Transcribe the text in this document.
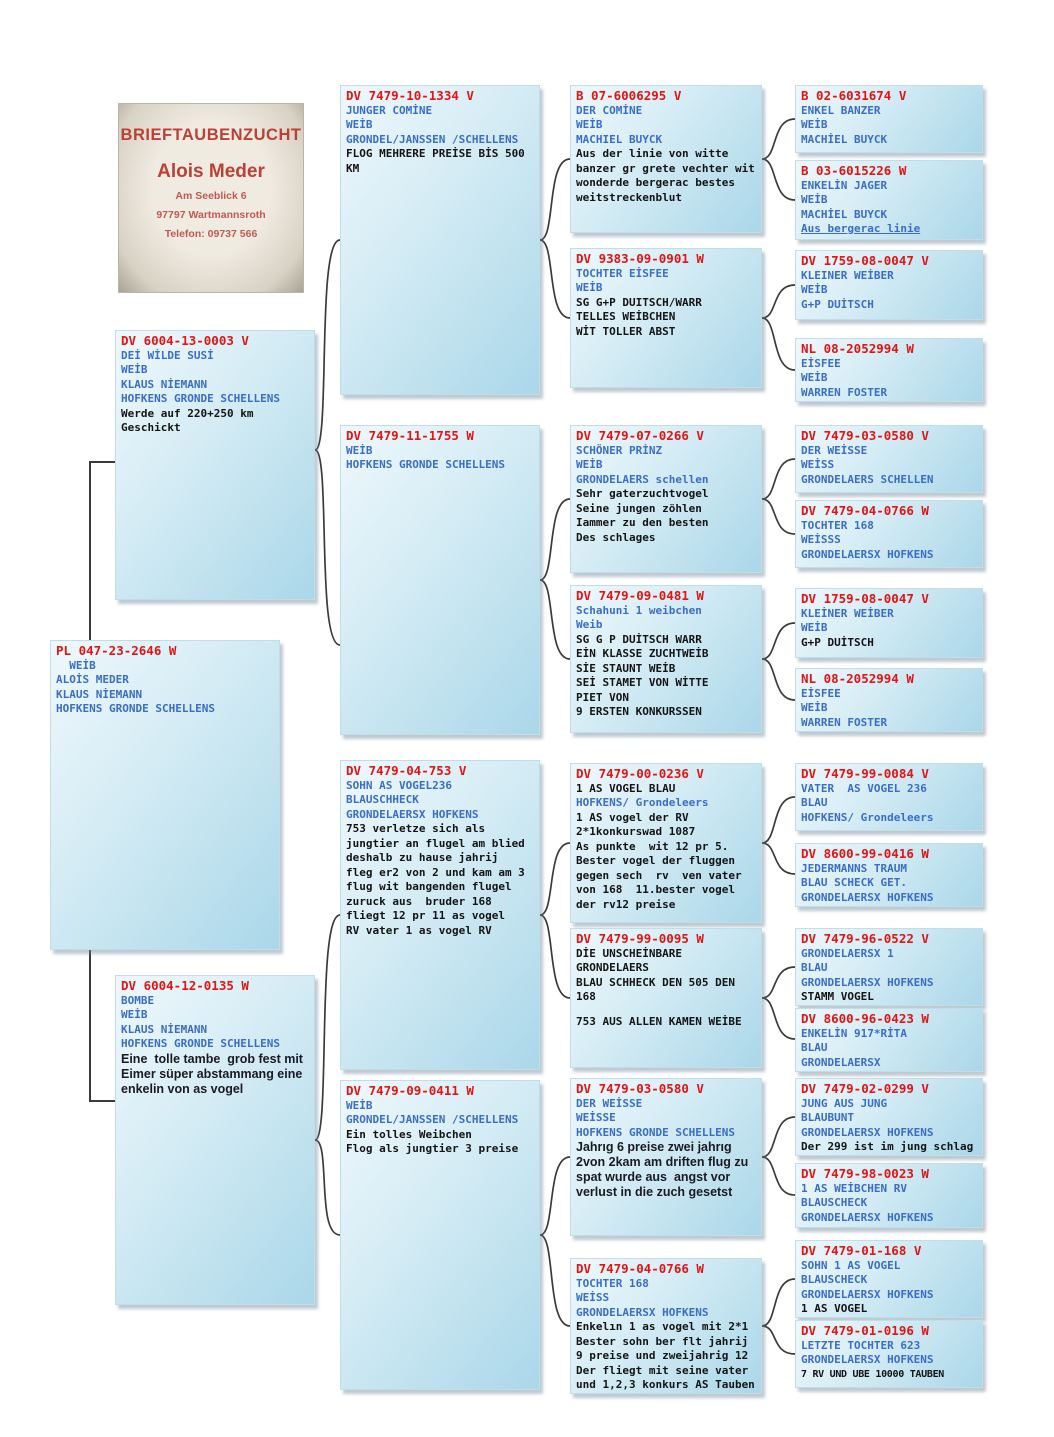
BRIEFTAUBENZUCHT
Alois Meder
Am Seeblick 6
97797 Wartmannsroth
Telefon: 09737 566
DV 6004-13-0003 V
DEİ WİLDE SUSİ
WEİB
KLAUS NİEMANN
HOFKENS GRONDE SCHELLENS
Werde auf 220+250 km
Geschickt
PL 047-23-2646 W
WEİB
ALOİS MEDER
KLAUS NİEMANN
HOFKENS GRONDE SCHELLENS
DV 6004-12-0135 W
BOMBE
WEİB
KLAUS NİEMANN
HOFKENS GRONDE SCHELLENS
Eine  tolle tambe  grob fest mit
Eimer süper abstammang eine
enkelin von as vogel
DV 7479-10-1334 V
JUNGER COMİNE
WEİB
GRONDEL/JANSSEN /SCHELLENS
FLOG MEHRERE PREİSE BİS 500
KM
DV 7479-11-1755 W
WEİB
HOFKENS GRONDE SCHELLENS
DV 7479-04-753 V
SOHN AS VOGEL236
BLAUSCHHECK
GRONDELAERSX HOFKENS
753 verletze sich als
jungtier an flugel am blied
deshalb zu hause jahrij
fleg er2 von 2 und kam am 3
flug wit bangenden flugel
zuruck aus  bruder 168
fliegt 12 pr 11 as vogel
RV vater 1 as vogel RV
DV 7479-09-0411 W
WEİB
GRONDEL/JANSSEN /SCHELLENS
Ein tolles Weibchen
Flog als jungtier 3 preise
B 07-6006295 V
DER COMİNE
WEİB
MACHIEL BUYCK
Aus der linie von witte
banzer gr grete vechter wit
wonderde bergerac bestes
weitstreckenblut
DV 9383-09-0901 W
TOCHTER EİSFEE
WEİB
SG G+P DUITSCH/WARR
TELLES WEİBCHEN
WİT TOLLER ABST
DV 7479-07-0266 V
SCHÖNER PRİNZ
WEİB
GRONDELAERS schellen
Sehr gaterzuchtvogel
Seine jungen zöhlen
Iammer zu den besten
Des schlages
DV 7479-09-0481 W
Schahuni 1 weibchen
Weib
SG G P DUİTSCH WARR
EİN KLASSE ZUCHTWEİB
SİE STAUNT WEİB
SEİ STAMET VON WİTTE
PIET VON
9 ERSTEN KONKURSSEN
DV 7479-00-0236 V
1 AS VOGEL BLAU
HOFKENS/ Grondeleers
1 AS vogel der RV
2*1konkurswad 1087
As punkte  wit 12 pr 5.
Bester vogel der fluggen
gegen sech  rv  ven vater
von 168  11.bester vogel
der rv12 preise
DV 7479-99-0095 W
DİE UNSCHEİNBARE
GRONDELAERS
BLAU SCHHECK DEN 505 DEN
168
753 AUS ALLEN KAMEN WEİBE
DV 7479-03-0580 V
DER WEİSSE
WEİSSE
HOFKENS GRONDE SCHELLENS
Jahrıg 6 preise zwei jahrıg
2von 2kam am driften flug zu
spat wurde aus  angst vor
verlust in die zuch gesetst
DV 7479-04-0766 W
TOCHTER 168
WEİSS
GRONDELAERSX HOFKENS
Enkelın 1 as vogel mit 2*1
Bester sohn ber flt jahrij
9 preise und zweijahrig 12
Der fliegt mit seine vater
und 1,2,3 konkurs AS Tauben
B 02-6031674 V
ENKEL BANZER
WEİB
MACHİEL BUYCK
B 03-6015226 W
ENKELİN JAGER
WEİB
MACHİEL BUYCK
Aus bergerac linie
DV 1759-08-0047 V
KLEINER WEİBER
WEİB
G+P DUİTSCH
NL 08-2052994 W
EİSFEE
WEİB
WARREN FOSTER
DV 7479-03-0580 V
DER WEİSSE
WEİSS
GRONDELAERS SCHELLEN
DV 7479-04-0766 W
TOCHTER 168
WEİSSS
GRONDELAERSX HOFKENS
DV 1759-08-0047 V
KLEİNER WEİBER
WEİB
G+P DUİTSCH
NL 08-2052994 W
EİSFEE
WEİB
WARREN FOSTER
DV 7479-99-0084 V
VATER  AS VOGEL 236
BLAU
HOFKENS/ Grondeleers
DV 8600-99-0416 W
JEDERMANNS TRAUM
BLAU SCHECK GET.
GRONDELAERSX HOFKENS
DV 7479-96-0522 V
GRONDELAERSX 1
BLAU
GRONDELAERSX HOFKENS
STAMM VOGEL
DV 8600-96-0423 W
ENKELİN 917*RİTA
BLAU
GRONDELAERSX
DV 7479-02-0299 V
JUNG AUS JUNG
BLAUBUNT
GRONDELAERSX HOFKENS
Der 299 ist im jung schlag
DV 7479-98-0023 W
1 AS WEİBCHEN RV
BLAUSCHECK
GRONDELAERSX HOFKENS
DV 7479-01-168 V
SOHN 1 AS VOGEL
BLAUSCHECK
GRONDELAERSX HOFKENS
1 AS VOGEL
DV 7479-01-0196 W
LETZTE TOCHTER 623
GRONDELAERSX HOFKENS
7 RV UND UBE 10000 TAUBEN
